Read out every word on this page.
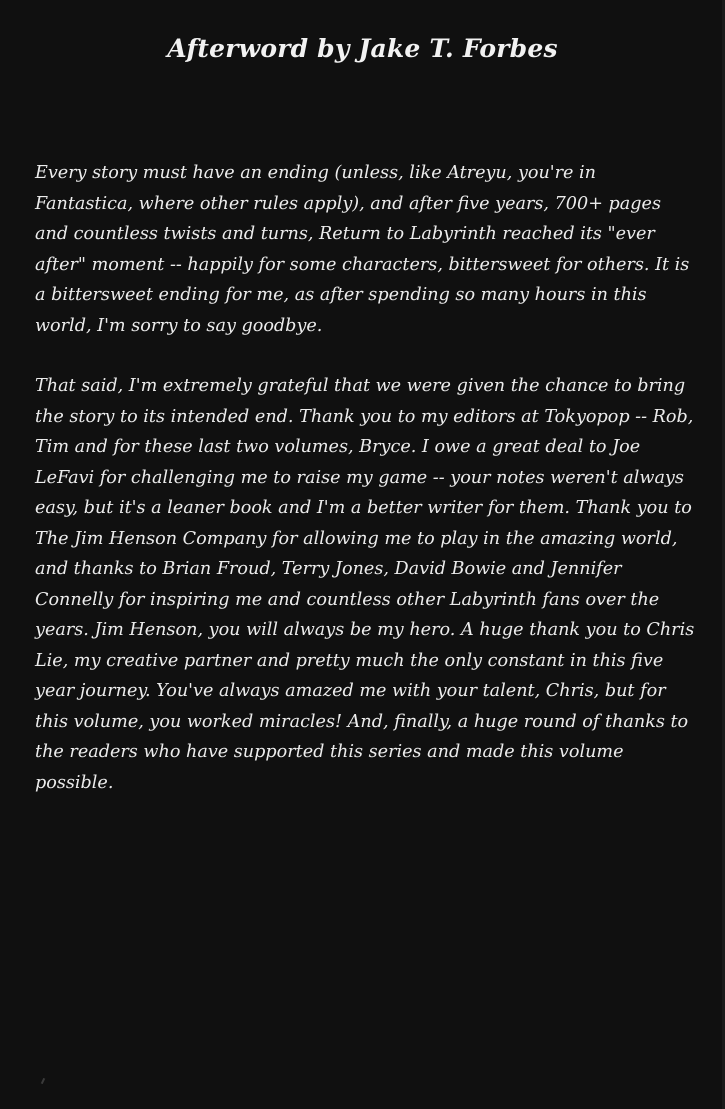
Afterword by Jake T. Forbes

Every story must have an ending (unless, like Atreyu, you're in Fantastica, where other rules apply), and after five years, 700+ pages and countless twists and turns, Return to Labyrinth reached its "ever after" moment -- happily for some characters, bittersweet for others. It is a bittersweet ending for me, as after spending so many hours in this world, I'm sorry to say goodbye.

That said, I'm extremely grateful that we were given the chance to bring the story to its intended end. Thank you to my editors at Tokyopop -- Rob, Tim and for these last two volumes, Bryce. I owe a great deal to Joe LeFavi for challenging me to raise my game -- your notes weren't always easy, but it's a leaner book and I'm a better writer for them. Thank you to The Jim Henson Company for allowing me to play in the amazing world, and thanks to Brian Froud, Terry Jones, David Bowie and Jennifer Connelly for inspiring me and countless other Labyrinth fans over the years. Jim Henson, you will always be my hero. A huge thank you to Chris Lie, my creative partner and pretty much the only constant in this five year journey. You've always amazed me with your talent, Chris, but for this volume, you worked miracles! And, finally, a huge round of thanks to the readers who have supported this series and made this volume possible.
